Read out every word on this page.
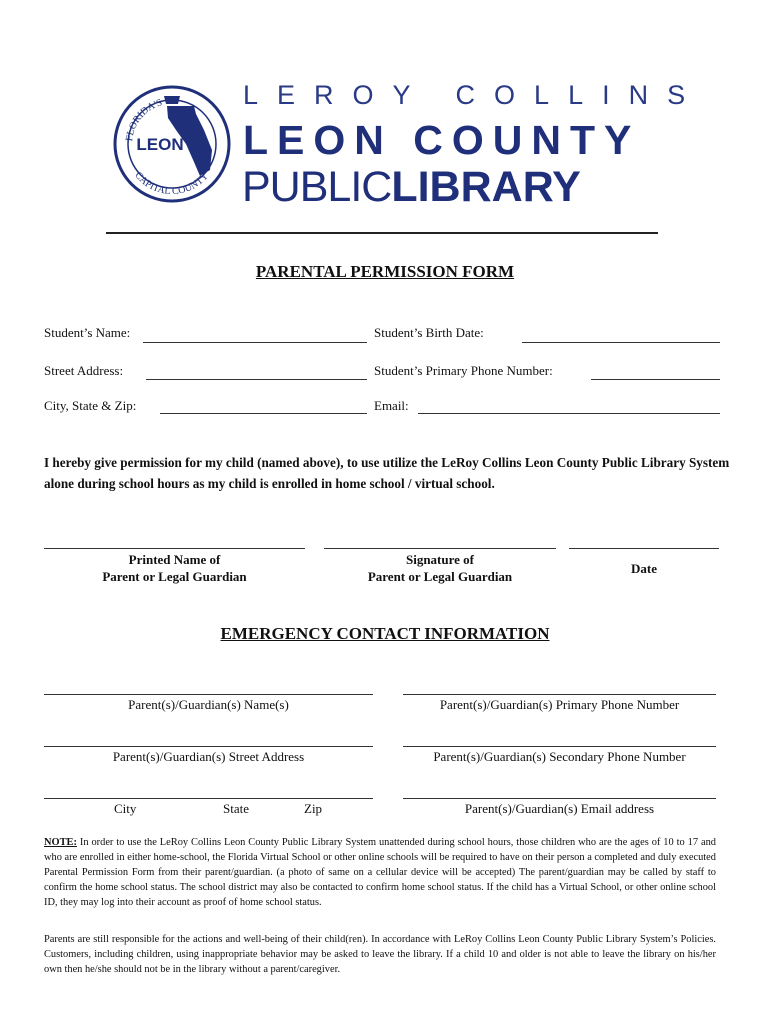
FLORIDA'S
CAPITAL COUNTY
LEON
LEROY COLLINS
LEON COUNTY
PUBLICLIBRARY
PARENTAL PERMISSION FORM
Student’s Name:	Student’s Birth Date:
Street Address:	Student’s Primary Phone Number:
City, State & Zip:	Email:
I hereby give permission for my child (named above), to use utilize the LeRoy Collins Leon County Public Library System alone during school hours as my child is enrolled in home school / virtual school.
Printed Name of
Parent or Legal Guardian
Signature of
Parent or Legal Guardian
Date
EMERGENCY CONTACT INFORMATION
Parent(s)/Guardian(s) Name(s)	Parent(s)/Guardian(s) Primary Phone Number
Parent(s)/Guardian(s) Street Address	Parent(s)/Guardian(s) Secondary Phone Number
City	State	Zip	Parent(s)/Guardian(s) Email address
NOTE: In order to use the LeRoy Collins Leon County Public Library System unattended during school hours, those children who are the ages of 10 to 17 and who are enrolled in either home-school, the Florida Virtual School or other online schools will be required to have on their person a completed and duly executed Parental Permission Form from their parent/guardian. (a photo of same on a cellular device will be accepted) The parent/guardian may be called by staff to confirm the home school status. The school district may also be contacted to confirm home school status. If the child has a Virtual School, or other online school ID, they may log into their account as proof of home school status.
Parents are still responsible for the actions and well-being of their child(ren). In accordance with LeRoy Collins Leon County Public Library System’s Policies. Customers, including children, using inappropriate behavior may be asked to leave the library. If a child 10 and older is not able to leave the library on his/her own then he/she should not be in the library without a parent/caregiver.
